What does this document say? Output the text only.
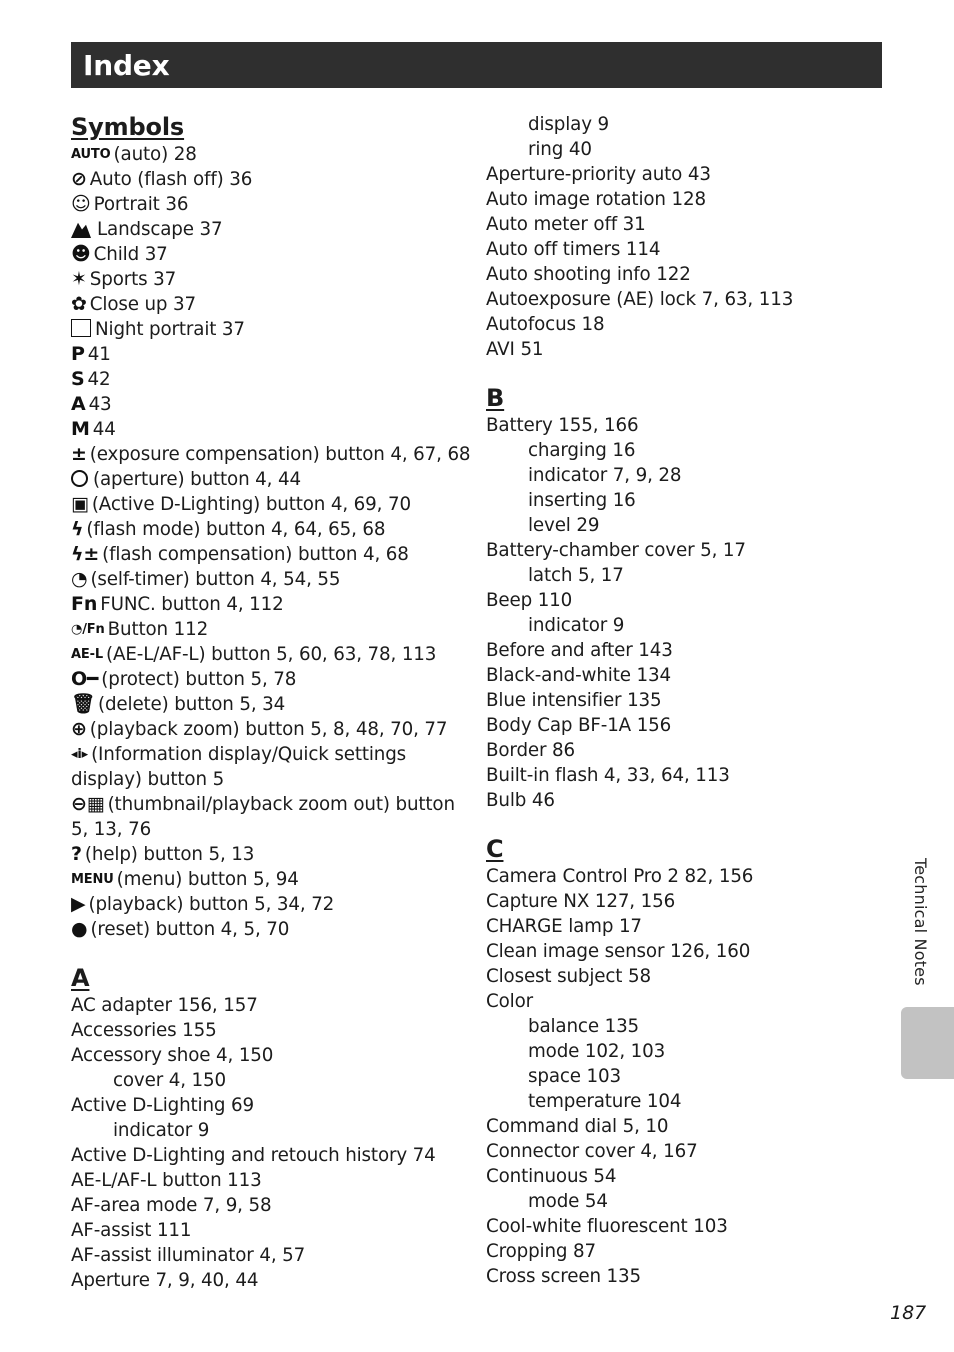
Index
Symbols
AUTO (auto) 28
⊘ Auto (flash off) 36
☺ Portrait 36
Landscape 37
☻ Child 37
✶ Sports 37
✿ Close up 37
Night portrait 37
P 41
S 42
A 43
M 44
± (exposure compensation) button 4, 67, 68
(aperture) button 4, 44
▣ (Active D-Lighting) button 4, 69, 70
ϟ (flash mode) button 4, 64, 65, 68
ϟ± (flash compensation) button 4, 68
◔ (self-timer) button 4, 54, 55
Fn FUNC. button 4, 112
◔/Fn Button 112
AE-L (AE-L/AF-L) button 5, 60, 63, 78, 113
O━ (protect) button 5, 78
🗑 (delete) button 5, 34
⊕ (playback zoom) button 5, 8, 48, 70, 77
◂i▸ (Information display/Quick settings display) button 5
⊖▦ (thumbnail/playback zoom out) button 5, 13, 76
? (help) button 5, 13
MENU (menu) button 5, 94
▶ (playback) button 5, 34, 72
● (reset) button 4, 5, 70
A
AC adapter 156, 157
Accessories 155
Accessory shoe 4, 150
cover 4, 150
Active D-Lighting 69
indicator 9
Active D-Lighting and retouch history 74
AE-L/AF-L button 113
AF-area mode 7, 9, 58
AF-assist 111
AF-assist illuminator 4, 57
Aperture 7, 9, 40, 44
display 9
ring 40
Aperture-priority auto 43
Auto image rotation 128
Auto meter off 31
Auto off timers 114
Auto shooting info 122
Autoexposure (AE) lock 7, 63, 113
Autofocus 18
AVI 51
B
Battery 155, 166
charging 16
indicator 7, 9, 28
inserting 16
level 29
Battery-chamber cover 5, 17
latch 5, 17
Beep 110
indicator 9
Before and after 143
Black-and-white 134
Blue intensifier 135
Body Cap BF-1A 156
Border 86
Built-in flash 4, 33, 64, 113
Bulb 46
C
Camera Control Pro 2 82, 156
Capture NX 127, 156
CHARGE lamp 17
Clean image sensor 126, 160
Closest subject 58
Color
balance 135
mode 102, 103
space 103
temperature 104
Command dial 5, 10
Connector cover 4, 167
Continuous 54
mode 54
Cool-white fluorescent 103
Cropping 87
Cross screen 135
Technical Notes
187
